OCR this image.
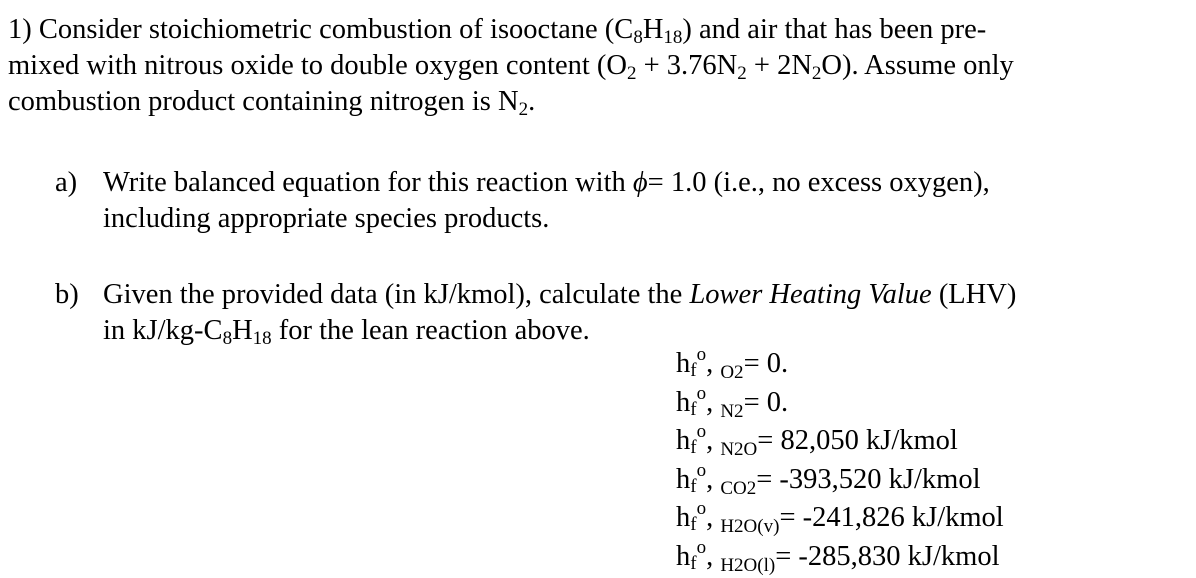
1) Consider stoichiometric combustion of isooctane $(C_8H_{18})$ and air that has been pre-
mixed with nitrous oxide to double oxygen content $(O_2 + 3.76N_2 + 2N_2O)$. Assume only
combustion product containing nitrogen is $N_2$.
a) Write balanced equation for this reaction with ϕ= 1.0 (i.e., no excess oxygen),
including appropriate species products.
b) Given the provided data (in kJ/kmol), calculate the Lower Heating Value (LHV)
in $kJ/kg-C_8H_{18}$ for the lean reaction above.
$hf^o$, $_{O2}$= 0.
$hf^o$, $_{N2}$= 0.
$hf^o$, $_{N2O}$= 82,050 kJ/kmol
$hf^o$, $_{CO2}$= -393,520 kJ/kmol
$hf^o$, $_{H2O(v)}$= -241,826 kJ/kmol
$hf^o$, $_{H2O(l)}$= -285,830 kJ/kmol
